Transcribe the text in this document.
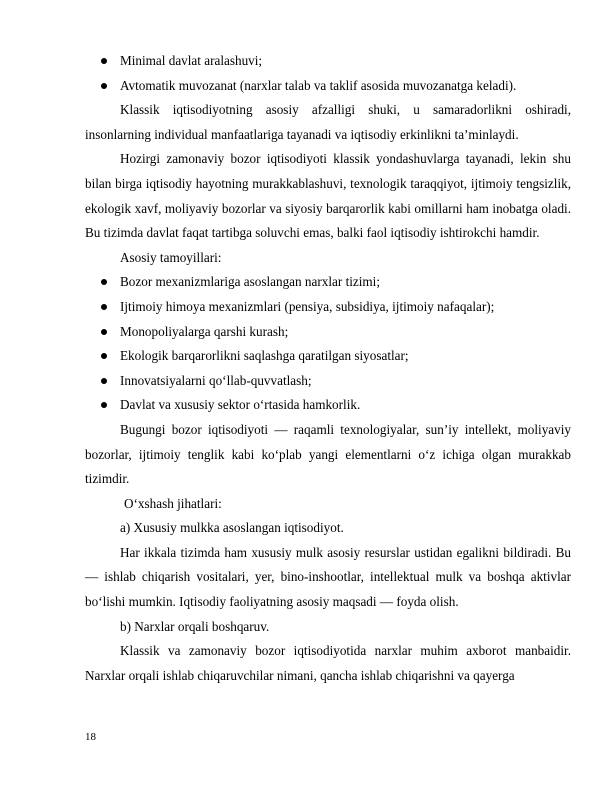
Minimal davlat aralashuvi;
Avtomatik muvozanat (narxlar talab va taklif asosida muvozanatga keladi).

Klassik iqtisodiyotning asosiy afzalligi shuki, u samaradorlikni oshiradi, insonlarning individual manfaatlariga tayanadi va iqtisodiy erkinlikni ta’minlaydi.

Hozirgi zamonaviy bozor iqtisodiyoti klassik yondashuvlarga tayanadi, lekin shu bilan birga iqtisodiy hayotning murakkablashuvi, texnologik taraqqiyot, ijtimoiy tengsizlik, ekologik xavf, moliyaviy bozorlar va siyosiy barqarorlik kabi omillarni ham inobatga oladi. Bu tizimda davlat faqat tartibga soluvchi emas, balki faol iqtisodiy ishtirokchi hamdir.

Asosiy tamoyillari:

Bozor mexanizmlariga asoslangan narxlar tizimi;
Ijtimoiy himoya mexanizmlari (pensiya, subsidiya, ijtimoiy nafaqalar);
Monopoliyalarga qarshi kurash;
Ekologik barqarorlikni saqlashga qaratilgan siyosatlar;
Innovatsiyalarni qo‘llab-quvvatlash;
Davlat va xususiy sektor o‘rtasida hamkorlik.

Bugungi bozor iqtisodiyoti — raqamli texnologiyalar, sun’iy intellekt, moliyaviy bozorlar, ijtimoiy tenglik kabi ko‘plab yangi elementlarni o‘z ichiga olgan murakkab tizimdir.

O‘xshash jihatlari:

a) Xususiy mulkka asoslangan iqtisodiyot.

Har ikkala tizimda ham xususiy mulk asosiy resurslar ustidan egalikni bildiradi. Bu — ishlab chiqarish vositalari, yer, bino-inshootlar, intellektual mulk va boshqa aktivlar bo‘lishi mumkin. Iqtisodiy faoliyatning asosiy maqsadi — foyda olish.

b) Narxlar orqali boshqaruv.

Klassik va zamonaviy bozor iqtisodiyotida narxlar muhim axborot manbaidir. Narxlar orqali ishlab chiqaruvchilar nimani, qancha ishlab chiqarishni va qayerga

18
